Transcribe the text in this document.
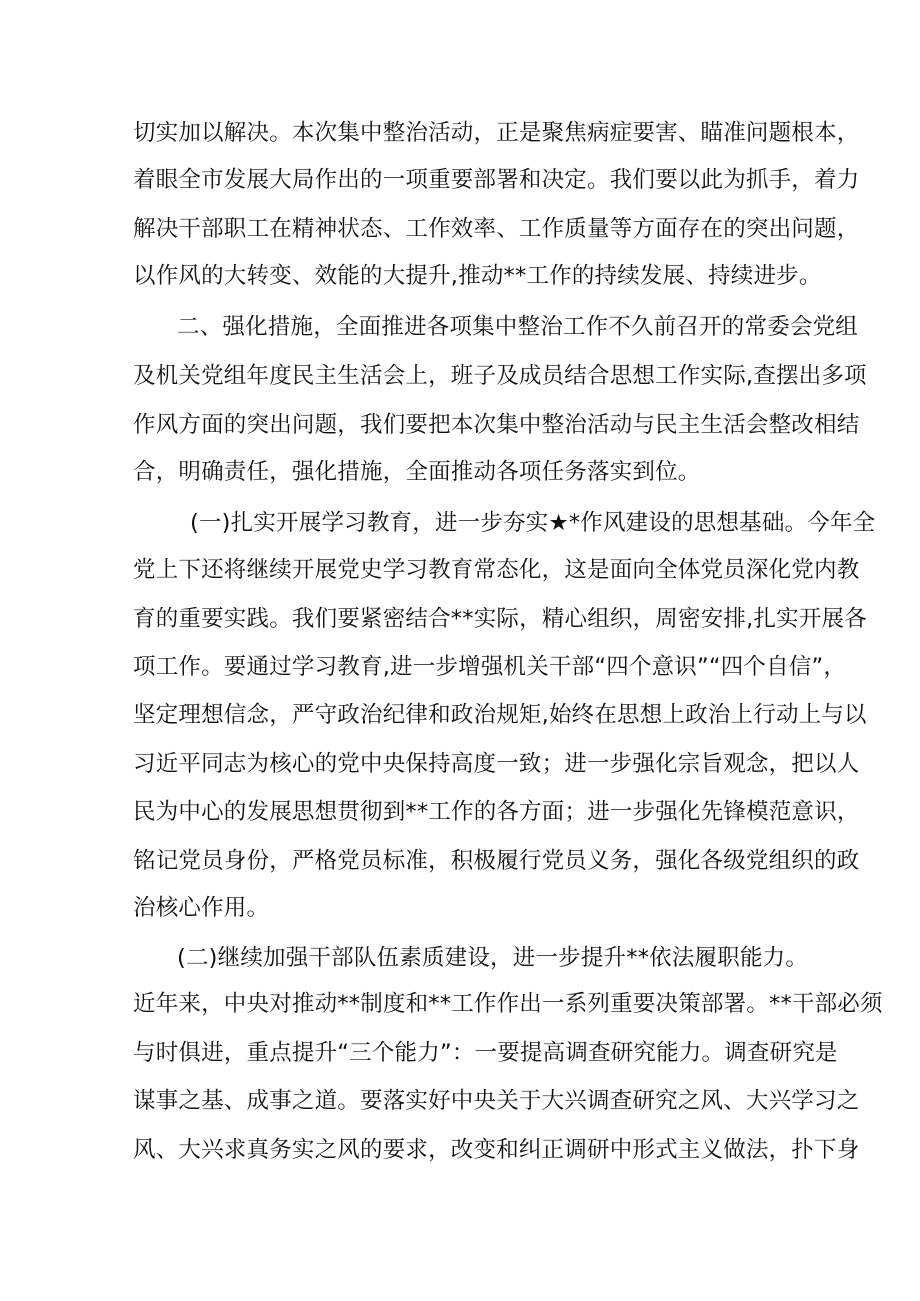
切实加以解决。本次集中整治活动，正是聚焦病症要害、瞄准问题根本，
着眼全市发展大局作出的一项重要部署和决定。我们要以此为抓手，着力
解决干部职工在精神状态、工作效率、工作质量等方面存在的突出问题，
以作风的大转变、效能的大提升,推动**工作的持续发展、持续进步。
二、强化措施，全面推进各项集中整治工作不久前召开的常委会党组
及机关党组年度民主生活会上，班子及成员结合思想工作实际,查摆出多项
作风方面的突出问题，我们要把本次集中整治活动与民主生活会整改相结
合，明确责任，强化措施，全面推动各项任务落实到位。
(一)扎实开展学习教育，进一步夯实★*作风建设的思想基础。今年全
党上下还将继续开展党史学习教育常态化，这是面向全体党员深化党内教
育的重要实践。我们要紧密结合**实际，精心组织，周密安排,扎实开展各
项工作。要通过学习教育,进一步增强机关干部“四个意识”“四个自信”，
坚定理想信念，严守政治纪律和政治规矩,始终在思想上政治上行动上与以
习近平同志为核心的党中央保持高度一致；进一步强化宗旨观念，把以人
民为中心的发展思想贯彻到**工作的各方面；进一步强化先锋模范意识，
铭记党员身份，严格党员标准，积极履行党员义务，强化各级党组织的政
治核心作用。
(二)继续加强干部队伍素质建设，进一步提升**依法履职能力。
近年来，中央对推动**制度和**工作作出一系列重要决策部署。**干部必须
与时俱进，重点提升“三个能力”：一要提高调查研究能力。调查研究是
谋事之基、成事之道。要落实好中央关于大兴调查研究之风、大兴学习之
风、大兴求真务实之风的要求，改变和纠正调研中形式主义做法，扑下身
